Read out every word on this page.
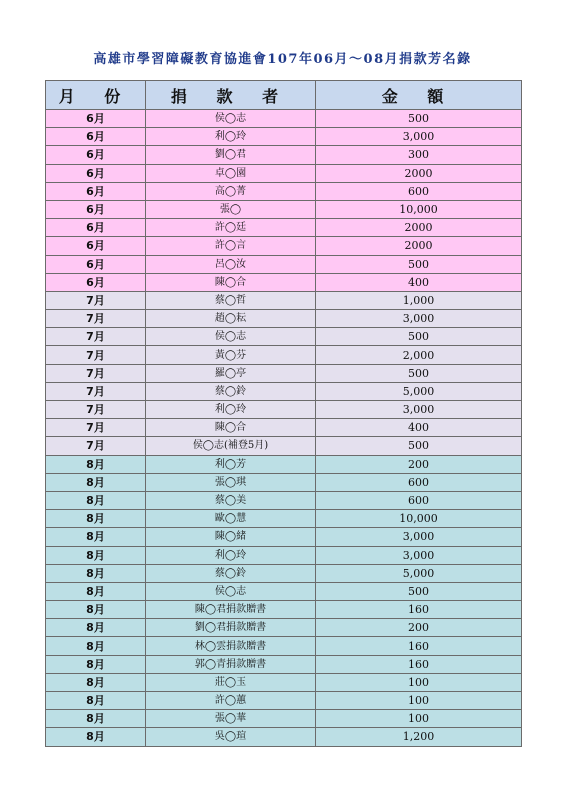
高雄市學習障礙教育協進會107年06月～08月捐款芳名錄
月 份	捐 款 者	金 額
6月	侯◯志	500
6月	利◯玲	3,000
6月	劉◯君	300
6月	卓◯園	2000
6月	高◯菁	600
6月	張◯	10,000
6月	許◯廷	2000
6月	許◯言	2000
6月	呂◯汝	500
6月	陳◯合	400
7月	蔡◯哲	1,000
7月	趙◯耘	3,000
7月	侯◯志	500
7月	黃◯芬	2,000
7月	羅◯亭	500
7月	蔡◯鈴	5,000
7月	利◯玲	3,000
7月	陳◯合	400
7月	侯◯志(補登5月)	500
8月	利◯芳	200
8月	張◯琪	600
8月	蔡◯美	600
8月	歐◯慧	10,000
8月	陳◯緒	3,000
8月	利◯玲	3,000
8月	蔡◯鈴	5,000
8月	侯◯志	500
8月	陳◯君捐款贈書	160
8月	劉◯君捐款贈書	200
8月	林◯雲捐款贈書	160
8月	郭◯青捐款贈書	160
8月	莊◯玉	100
8月	許◯蕙	100
8月	張◯華	100
8月	吳◯瑄	1,200
